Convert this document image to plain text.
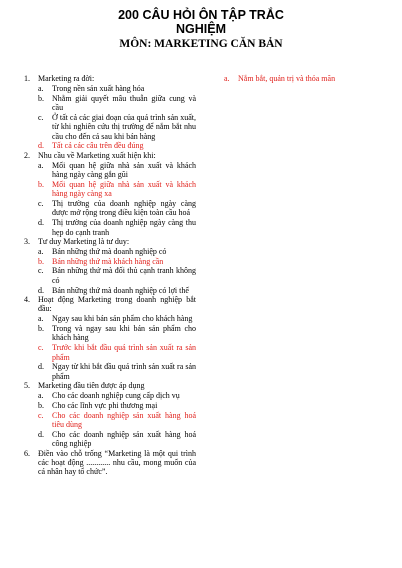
200 CÂU HỎI ÔN TẬP TRẮC
NGHIỆM
MÔN: MARKETING CĂN BẢN
1.	Marketing ra đời:
a.	Trong nền sản xuất hàng hóa
b.	Nhằm giải quyết mâu thuẫn giữa cung và cầu
c.	Ở tất cả các giai đoạn của quá trình sản xuất, từ khi nghiên cứu thị trường để nắm bắt nhu cầu cho đến cả sau khi bán hàng
d.	Tất cả các câu trên đều đúng
2.	Nhu cầu về Marketing xuất hiện khi:
a.	Mối quan hệ giữa nhà sản xuất và khách hàng ngày càng gắn gũi
b.	Mối quan hệ giữa nhà sản xuất và khách hàng ngày càng xa
c.	Thị trường của doanh nghiệp ngày càng được mở rộng trong điều kiện toàn cầu hoá
d.	Thị trường của doanh nghiệp ngày càng thu hẹp do cạnh tranh
3.	Tư duy Marketing là tư duy:
a.	Bán những thứ mà doanh nghiệp có
b.	Bán những thứ mà khách hàng cần
c.	Bán những thứ mà đối thủ cạnh tranh không có
d.	Bán những thứ mà doanh nghiệp có lợi thế
4.	Hoạt động Marketing trong doanh nghiệp bắt đầu:
a.	Ngay sau khi bán sản phẩm cho khách hàng
b.	Trong và ngay sau khi bán sản phẩm cho khách hàng
c.	Trước khi bắt đầu quá trình sản xuất ra sản phẩm
d.	Ngay từ khi bắt đầu quá trình sản xuất ra sản phẩm
5.	Marketing đầu tiên được áp dụng
a.	Cho các doanh nghiệp cung cấp dịch vụ
b.	Cho các lĩnh vực phi thương mại
c.	Cho các doanh nghiệp sản xuất hàng hoá tiêu dùng
d.	Cho các doanh nghiệp sản xuất hàng hoá công nghiệp
6.	Điền vào chỗ trống “Marketing là một qui trình các hoạt động ............ nhu cầu, mong muốn của cá nhân hay tổ chức”.
a.	Nắm bắt, quản trị và thỏa mãn
